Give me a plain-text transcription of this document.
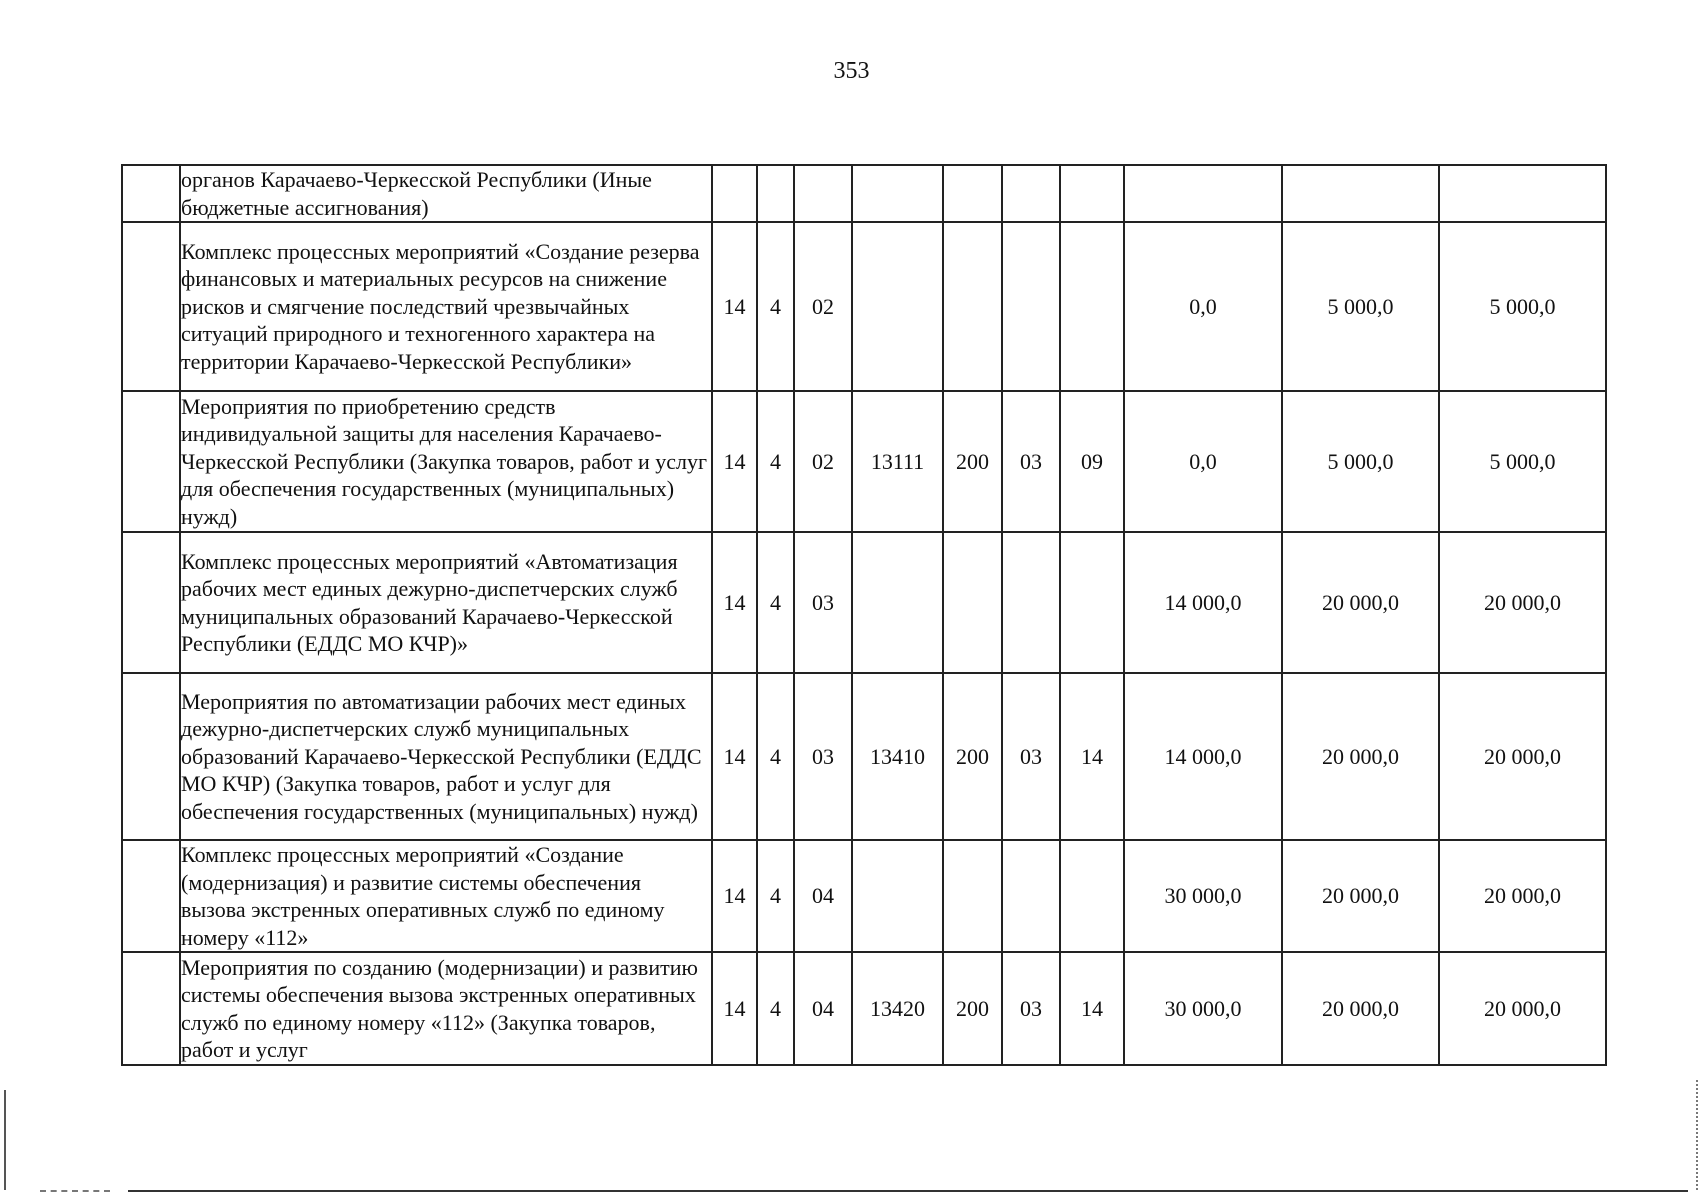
353
	органов Карачаево-Черкесской Республики (Иные бюджетные ассигнования)										
	Комплекс процессных мероприятий «Создание резерва финансовых и материальных ресурсов на снижение рисков и смягчение последствий чрезвычайных ситуаций природного и техногенного характера на территории Карачаево-Черкесской Республики»	14	4	02					0,0	5 000,0	5 000,0
	Мероприятия по приобретению средств индивидуальной защиты для населения Карачаево-Черкесской Республики (Закупка товаров, работ и услуг для обеспечения государственных (муниципальных) нужд)	14	4	02	13111	200	03	09	0,0	5 000,0	5 000,0
	Комплекс процессных мероприятий «Автоматизация рабочих мест единых дежурно-диспетчерских служб муниципальных образований Карачаево-Черкесской Республики (ЕДДС МО КЧР)»	14	4	03					14 000,0	20 000,0	20 000,0
	Мероприятия по автоматизации рабочих мест единых дежурно-диспетчерских служб муниципальных образований Карачаево-Черкесской Республики (ЕДДС МО КЧР) (Закупка товаров, работ и услуг для обеспечения государственных (муниципальных) нужд)	14	4	03	13410	200	03	14	14 000,0	20 000,0	20 000,0
	Комплекс процессных мероприятий «Создание (модернизация) и развитие системы обеспечения вызова экстренных оперативных служб по единому номеру «112»	14	4	04					30 000,0	20 000,0	20 000,0
	Мероприятия по созданию (модернизации) и развитию системы обеспечения вызова экстренных оперативных служб по единому номеру «112» (Закупка товаров, работ и услуг	14	4	04	13420	200	03	14	30 000,0	20 000,0	20 000,0
